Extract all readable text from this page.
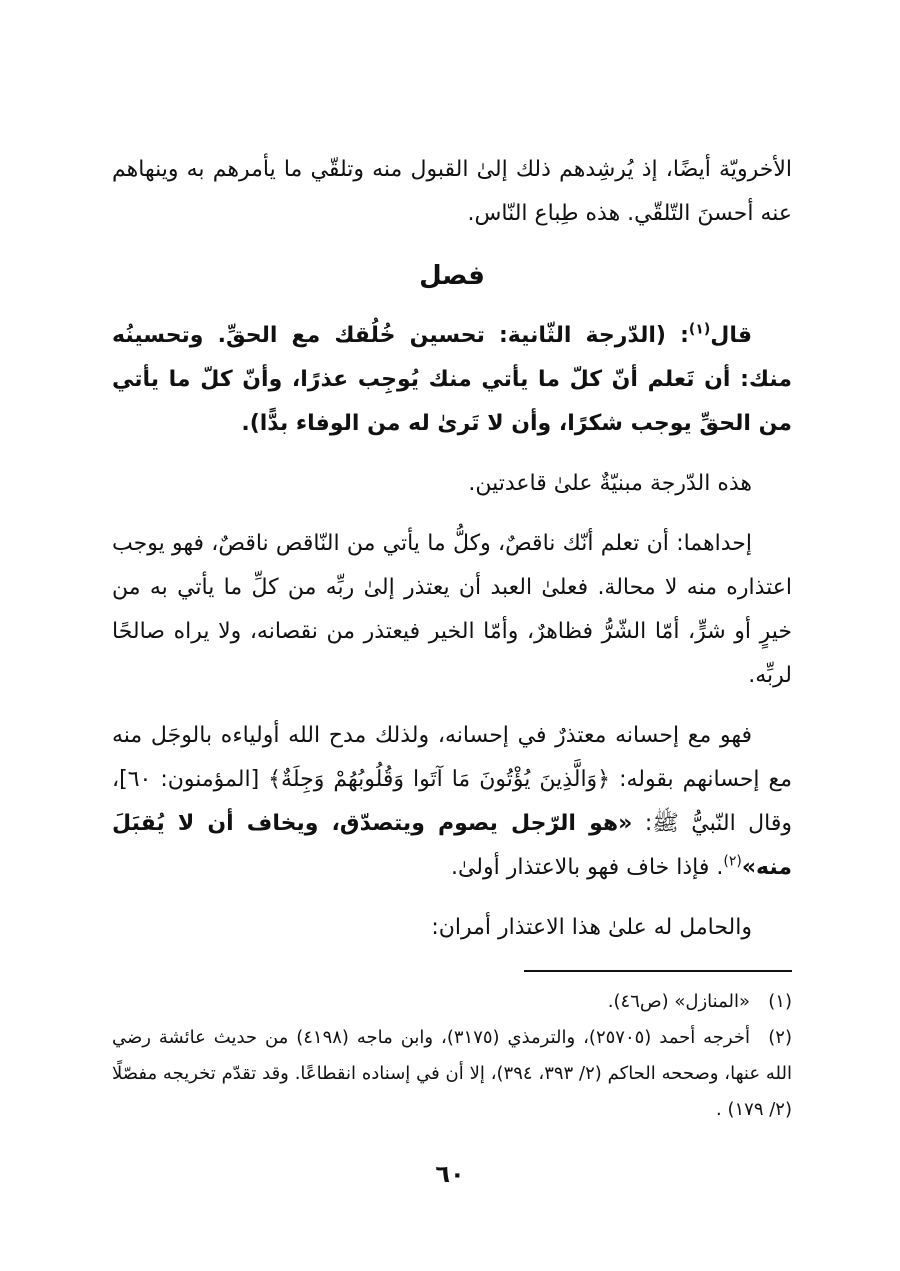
الأخرويّة أيضًا، إذ يُرشِدهم ذلك إلىٰ القبول منه وتلقّي ما يأمرهم به وينهاهم عنه أحسنَ التّلقّي. هذه طِباع النّاس.

فصل

قال$^{(١)}$: (الدّرجة الثّانية: تحسين خُلُقك مع الحقِّ. وتحسينُه منك: أن تَعلم أنّ كلّ ما يأتي منك يُوجِب عذرًا، وأنّ كلّ ما يأتي من الحقِّ يوجب شكرًا، وأن لا تَرىٰ له من الوفاء بدًّا).

هذه الدّرجة مبنيّةٌ علىٰ قاعدتين.

إحداهما: أن تعلم أنّك ناقصٌ، وكلُّ ما يأتي من النّاقص ناقصٌ، فهو يوجب اعتذاره منه لا محالة. فعلىٰ العبد أن يعتذر إلىٰ ربِّه من كلِّ ما يأتي به من خيرٍ أو شرٍّ، أمّا الشّرُّ فظاهرٌ، وأمّا الخير فيعتذر من نقصانه، ولا يراه صالحًا لربِّه.

فهو مع إحسانه معتذرٌ في إحسانه، ولذلك مدح الله أولياءه بالوجَل منه مع إحسانهم بقوله: ﴿وَالَّذِينَ يُؤْتُونَ مَا آتَوا وَقُلُوبُهُمْ وَجِلَةٌ﴾ [المؤمنون: ٦٠]، وقال النّبيُّ ﷺ: «هو الرّجل يصوم ويتصدّق، ويخاف أن لا يُقبَلَ منه»$^{(٢)}$. فإذا خاف فهو بالاعتذار أولىٰ.

والحامل له علىٰ هذا الاعتذار أمران:

(١)«المنازل» (ص٤٦).

(٢)أخرجه أحمد (٢٥٧٠٥)، والترمذي (٣١٧٥)، وابن ماجه (٤١٩٨) من حديث عائشة رضي الله عنها، وصححه الحاكم (٢/ ٣٩٣، ٣٩٤)، إلا أن في إسناده انقطاعًا. وقد تقدّم تخريجه مفصّلًا (٢/ ١٧٩) .

٦٠
